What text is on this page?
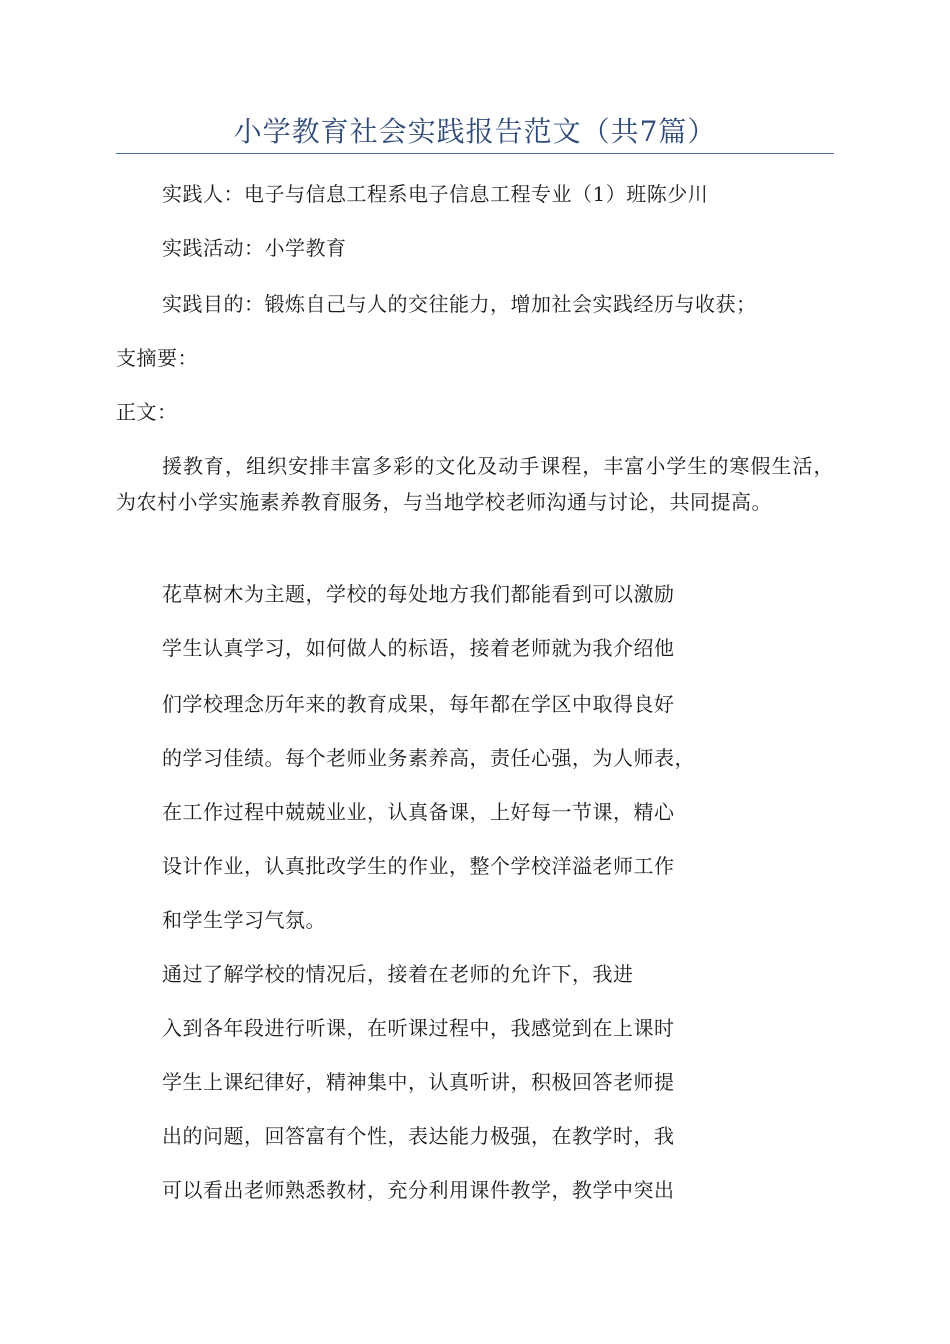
小学教育社会实践报告范文（共7篇）
实践人：电子与信息工程系电子信息工程专业（1）班陈少川
实践活动：小学教育
实践目的：锻炼自己与人的交往能力，增加社会实践经历与收获；
支摘要：
正文：
援教育，组织安排丰富多彩的文化及动手课程，丰富小学生的寒假生活，为农村小学实施素养教育服务，与当地学校老师沟通与讨论，共同提高。
花草树木为主题，学校的每处地方我们都能看到可以激励
学生认真学习，如何做人的标语，接着老师就为我介绍他
们学校理念历年来的教育成果，每年都在学区中取得良好
的学习佳绩。每个老师业务素养高，责任心强，为人师表，
在工作过程中兢兢业业，认真备课，上好每一节课，精心
设计作业，认真批改学生的作业，整个学校洋溢老师工作
和学生学习气氛。
通过了解学校的情况后，接着在老师的允许下，我进
入到各年段进行听课，在听课过程中，我感觉到在上课时
学生上课纪律好，精神集中，认真听讲，积极回答老师提
出的问题，回答富有个性，表达能力极强，在教学时，我
可以看出老师熟悉教材，充分利用课件教学，教学中突出
